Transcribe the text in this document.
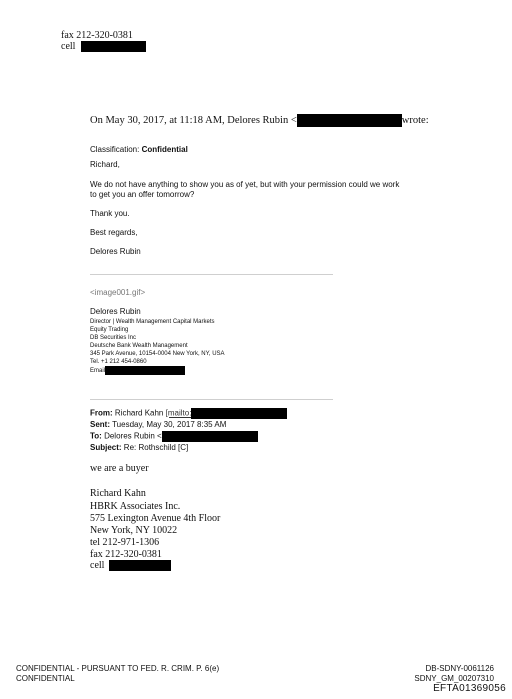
fax 212-320-0381
cell
On May 30, 2017, at 11:18 AM, Delores Rubin <	wrote:
Classification: Confidential
Richard,
We do not have anything to show you as of yet, but with your permission could we work
to get you an offer tomorrow?
Thank you.
Best regards,
Delores Rubin
<image001.gif>
Delores Rubin
Director | Wealth Management Capital Markets
Equity Trading
DB Securities Inc
Deutsche Bank Wealth Management
345 Park Avenue, 10154-0004 New York, NY, USA
Tel. +1 212 454-0860
Email
From: Richard Kahn [mailto:
Sent: Tuesday, May 30, 2017 8:35 AM
To: Delores Rubin <
Subject: Re: Rothschild [C]
we are a buyer
Richard Kahn
HBRK Associates Inc.
575 Lexington Avenue 4th Floor
New York, NY 10022
tel 212-971-1306
fax 212-320-0381
cell
CONFIDENTIAL - PURSUANT TO FED. R. CRIM. P. 6(e)
CONFIDENTIAL
DB-SDNY-0061126
SDNY_GM_00207310
EFTA01369056
